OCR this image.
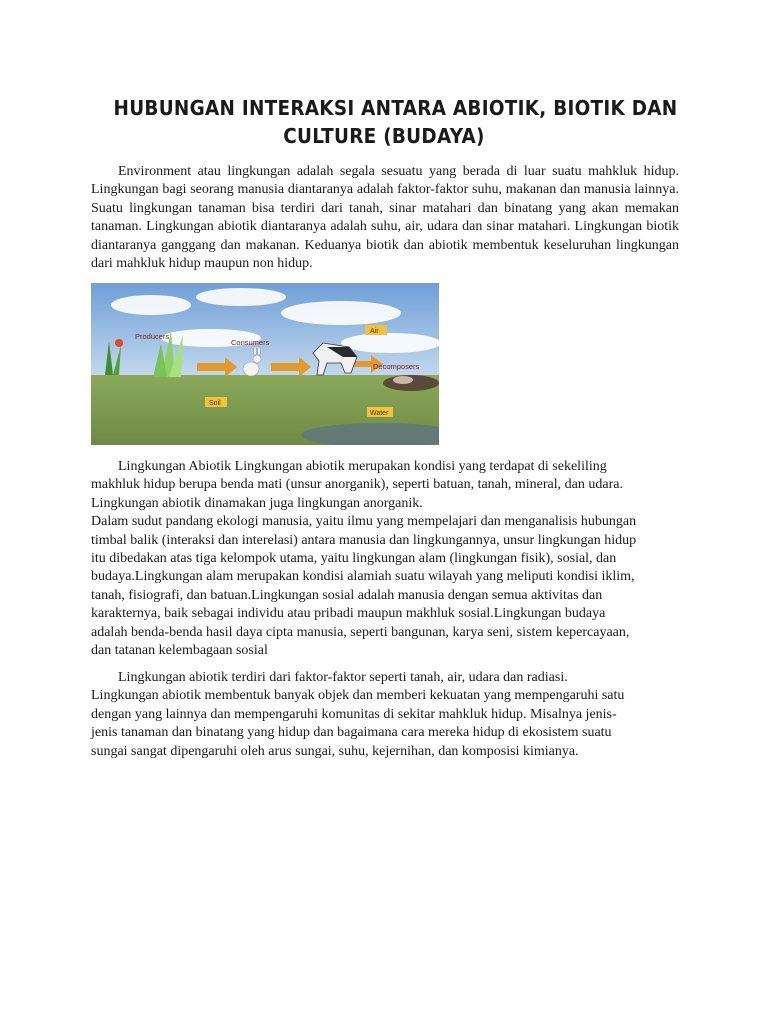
HUBUNGAN INTERAKSI ANTARA ABIOTIK, BIOTIK DAN
CULTURE (BUDAYA)

Environment atau lingkungan adalah segala sesuatu yang berada di luar suatu mahkluk hidup. Lingkungan bagi seorang manusia diantaranya adalah faktor-faktor suhu, makanan dan manusia lainnya. Suatu lingkungan tanaman bisa terdiri dari tanah, sinar matahari dan binatang yang akan memakan tanaman. Lingkungan abiotik diantaranya adalah suhu, air, udara dan sinar matahari. Lingkungan biotik diantaranya ganggang dan makanan. Keduanya biotik dan abiotik membentuk keseluruhan lingkungan dari mahkluk hidup maupun non hidup.

Producers
Consumers
Air
Decomposers
Soil
Water
Lingkungan Abiotik Lingkungan abiotik merupakan kondisi yang terdapat di sekeliling
makhluk hidup berupa benda mati (unsur anorganik), seperti batuan, tanah, mineral, dan udara.
Lingkungan abiotik dinamakan juga lingkungan anorganik.
Dalam sudut pandang ekologi manusia, yaitu ilmu yang mempelajari dan menganalisis hubungan
timbal balik (interaksi dan interelasi) antara manusia dan lingkungannya, unsur lingkungan hidup
itu dibedakan atas tiga kelompok utama, yaitu lingkungan alam (lingkungan fisik), sosial, dan
budaya.Lingkungan alam merupakan kondisi alamiah suatu wilayah yang meliputi kondisi iklim,
tanah, fisiografi, dan batuan.Lingkungan sosial adalah manusia dengan semua aktivitas dan
karakternya, baik sebagai individu atau pribadi maupun makhluk sosial.Lingkungan budaya
adalah benda-benda hasil daya cipta manusia, seperti bangunan, karya seni, sistem kepercayaan,
dan tatanan kelembagaan sosial
Lingkungan abiotik terdiri dari faktor-faktor seperti tanah, air, udara dan radiasi.
Lingkungan abiotik membentuk banyak objek dan memberi kekuatan yang mempengaruhi satu
dengan yang lainnya dan mempengaruhi komunitas di sekitar mahkluk hidup. Misalnya jenis-
jenis tanaman dan binatang yang hidup dan bagaimana cara mereka hidup di ekosistem suatu
sungai sangat dipengaruhi oleh arus sungai, suhu, kejernihan, dan komposisi kimianya.
